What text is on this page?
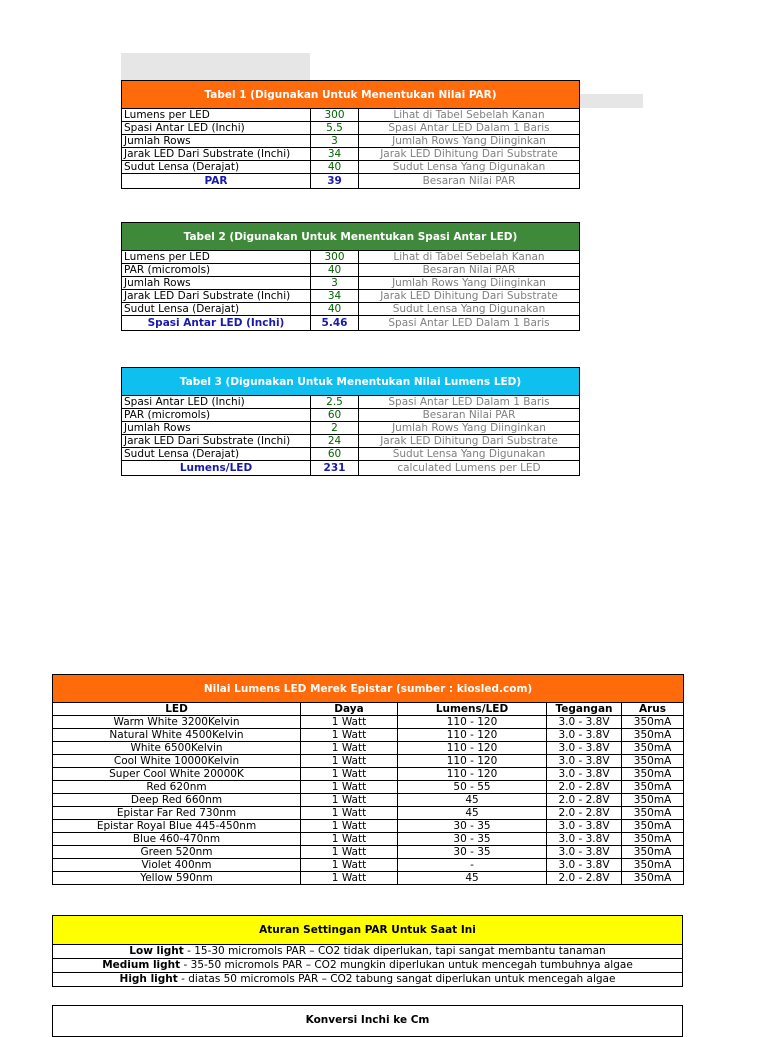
Tabel 1 (Digunakan Untuk Menentukan Nilai PAR)		
Lumens per LED	300	Lihat di Tabel Sebelah Kanan
Spasi Antar LED (Inchi)	5.5	Spasi Antar LED Dalam 1 Baris
Jumlah Rows	3	Jumlah Rows Yang Diinginkan
Jarak LED Dari Substrate (Inchi)	34	Jarak LED Dihitung Dari Substrate
Sudut Lensa (Derajat)	40	Sudut Lensa Yang Digunakan
PAR	39	Besaran Nilai PAR
Tabel 2 (Digunakan Untuk Menentukan Spasi Antar LED)		
Lumens per LED	300	Lihat di Tabel Sebelah Kanan
PAR (micromols)	40	Besaran Nilai PAR
Jumlah Rows	3	Jumlah Rows Yang Diinginkan
Jarak LED Dari Substrate (Inchi)	34	Jarak LED Dihitung Dari Substrate
Sudut Lensa (Derajat)	40	Sudut Lensa Yang Digunakan
Spasi Antar LED (Inchi)	5.46	Spasi Antar LED Dalam 1 Baris
Tabel 3 (Digunakan Untuk Menentukan Nilai Lumens LED)		
Spasi Antar LED (Inchi)	2.5	Spasi Antar LED Dalam 1 Baris
PAR (micromols)	60	Besaran Nilai PAR
Jumlah Rows	2	Jumlah Rows Yang Diinginkan
Jarak LED Dari Substrate (Inchi)	24	Jarak LED Dihitung Dari Substrate
Sudut Lensa (Derajat)	60	Sudut Lensa Yang Digunakan
Lumens/LED	231	calculated Lumens per LED
Nilai Lumens LED Merek Epistar (sumber : kiosled.com)				
LED	Daya	Lumens/LED	Tegangan	Arus
Warm White 3200Kelvin	1 Watt	110 - 120	3.0 - 3.8V	350mA
Natural White 4500Kelvin	1 Watt	110 - 120	3.0 - 3.8V	350mA
White 6500Kelvin	1 Watt	110 - 120	3.0 - 3.8V	350mA
Cool White 10000Kelvin	1 Watt	110 - 120	3.0 - 3.8V	350mA
Super Cool White 20000K	1 Watt	110 - 120	3.0 - 3.8V	350mA
Red 620nm	1 Watt	50 - 55	2.0 - 2.8V	350mA
Deep Red 660nm	1 Watt	45	2.0 - 2.8V	350mA
Epistar Far Red 730nm	1 Watt	45	2.0 - 2.8V	350mA
Epistar Royal Blue 445-450nm	1 Watt	30 - 35	3.0 - 3.8V	350mA
Blue 460-470nm	1 Watt	30 - 35	3.0 - 3.8V	350mA
Green 520nm	1 Watt	30 - 35	3.0 - 3.8V	350mA
Violet 400nm	1 Watt	-	3.0 - 3.8V	350mA
Yellow 590nm	1 Watt	45	2.0 - 2.8V	350mA
Aturan Settingan PAR Untuk Saat Ini
Low light - 15-30 micromols PAR – CO2 tidak diperlukan, tapi sangat membantu tanaman
Medium light - 35-50 micromols PAR – CO2 mungkin diperlukan untuk mencegah tumbuhnya algae
High light - diatas 50 micromols PAR – CO2 tabung sangat diperlukan untuk mencegah algae
Konversi Inchi ke Cm
